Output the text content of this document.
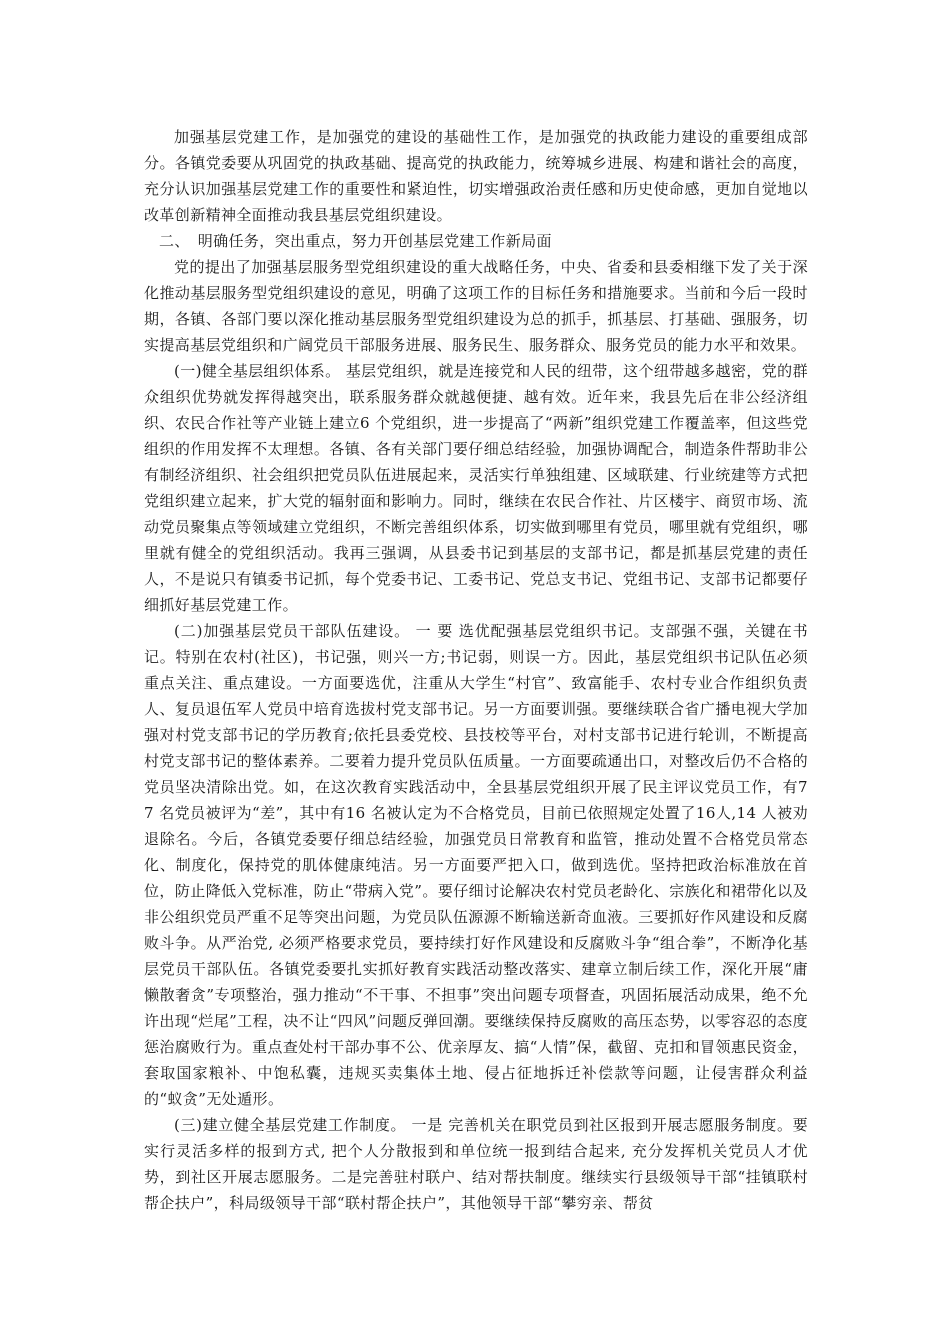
加强基层党建工作，是加强党的建设的基础性工作，是加强党的执政能力建设的重要组成部分。各镇党委要从巩固党的执政基础、提高党的执政能力，统筹城乡进展、构建和谐社会的高度，充分认识加强基层党建工作的重要性和紧迫性，切实增强政治责任感和历史使命感，更加自觉地以改革创新精神全面推动我县基层党组织建设。

二、　明确任务，突出重点，努力开创基层党建工作新局面

党的提出了加强基层服务型党组织建设的重大战略任务，中央、省委和县委相继下发了关于深化推动基层服务型党组织建设的意见，明确了这项工作的目标任务和措施要求。当前和今后一段时期，各镇、各部门要以深化推动基层服务型党组织建设为总的抓手，抓基层、打基础、强服务，切实提高基层党组织和广阔党员干部服务进展、服务民生、服务群众、服务党员的能力水平和效果。

(一)健全基层组织体系。 基层党组织，就是连接党和人民的纽带，这个纽带越多越密，党的群众组织优势就发挥得越突出，联系服务群众就越便捷、越有效。近年来，我县先后在非公经济组织、农民合作社等产业链上建立6 个党组织，进一步提高了“两新”组织党建工作覆盖率，但这些党组织的作用发挥不太理想。各镇、各有关部门要仔细总结经验，加强协调配合，制造条件帮助非公有制经济组织、社会组织把党员队伍进展起来，灵活实行单独组建、区域联建、行业统建等方式把党组织建立起来，扩大党的辐射面和影响力。同时，继续在农民合作社、片区楼宇、商贸市场、流动党员聚集点等领域建立党组织，不断完善组织体系，切实做到哪里有党员，哪里就有党组织，哪里就有健全的党组织活动。我再三强调，从县委书记到基层的支部书记，都是抓基层党建的责任人，不是说只有镇委书记抓，每个党委书记、工委书记、党总支书记、党组书记、支部书记都要仔细抓好基层党建工作。

(二)加强基层党员干部队伍建设。 一 要 选优配强基层党组织书记。支部强不强，关键在书记。特别在农村(社区)，书记强，则兴一方;书记弱，则误一方。因此，基层党组织书记队伍必须重点关注、重点建设。一方面要选优，注重从大学生“村官”、致富能手、农村专业合作组织负责人、复员退伍军人党员中培育选拔村党支部书记。另一方面要训强。要继续联合省广播电视大学加强对村党支部书记的学历教育;依托县委党校、县技校等平台，对村支部书记进行轮训，不断提高村党支部书记的整体素养。二要着力提升党员队伍质量。一方面要疏通出口，对整改后仍不合格的党员坚决清除出党。如，在这次教育实践活动中，全县基层党组织开展了民主评议党员工作，有77 名党员被评为“差”，其中有16 名被认定为不合格党员，目前已依照规定处置了16人,14 人被劝退除名。今后，各镇党委要仔细总结经验，加强党员日常教育和监管，推动处置不合格党员常态化、制度化，保持党的肌体健康纯洁。另一方面要严把入口，做到选优。坚持把政治标准放在首位，防止降低入党标准，防止“带病入党”。要仔细讨论解决农村党员老龄化、宗族化和裙带化以及非公组织党员严重不足等突出问题，为党员队伍源源不断输送新奇血液。三要抓好作风建设和反腐败斗争。从严治党, 必须严格要求党员，要持续打好作风建设和反腐败斗争“组合拳”，不断净化基层党员干部队伍。各镇党委要扎实抓好教育实践活动整改落实、建章立制后续工作，深化开展“庸懒散奢贪”专项整治，强力推动“不干事、不担事”突出问题专项督查，巩固拓展活动成果，绝不允许出现“烂尾”工程，决不让“四风”问题反弹回潮。要继续保持反腐败的高压态势，以零容忍的态度惩治腐败行为。重点查处村干部办事不公、优亲厚友、搞“人情”保，截留、克扣和冒领惠民资金，套取国家粮补、中饱私囊，违规买卖集体土地、侵占征地拆迁补偿款等问题，让侵害群众利益的“蚁贪”无处遁形。

(三)建立健全基层党建工作制度。 一是 完善机关在职党员到社区报到开展志愿服务制度。要实行灵活多样的报到方式, 把个人分散报到和单位统一报到结合起来, 充分发挥机关党员人才优势，到社区开展志愿服务。二是完善驻村联户、结对帮扶制度。继续实行县级领导干部“挂镇联村帮企扶户”，科局级领导干部“联村帮企扶户”，其他领导干部“攀穷亲、帮贫
